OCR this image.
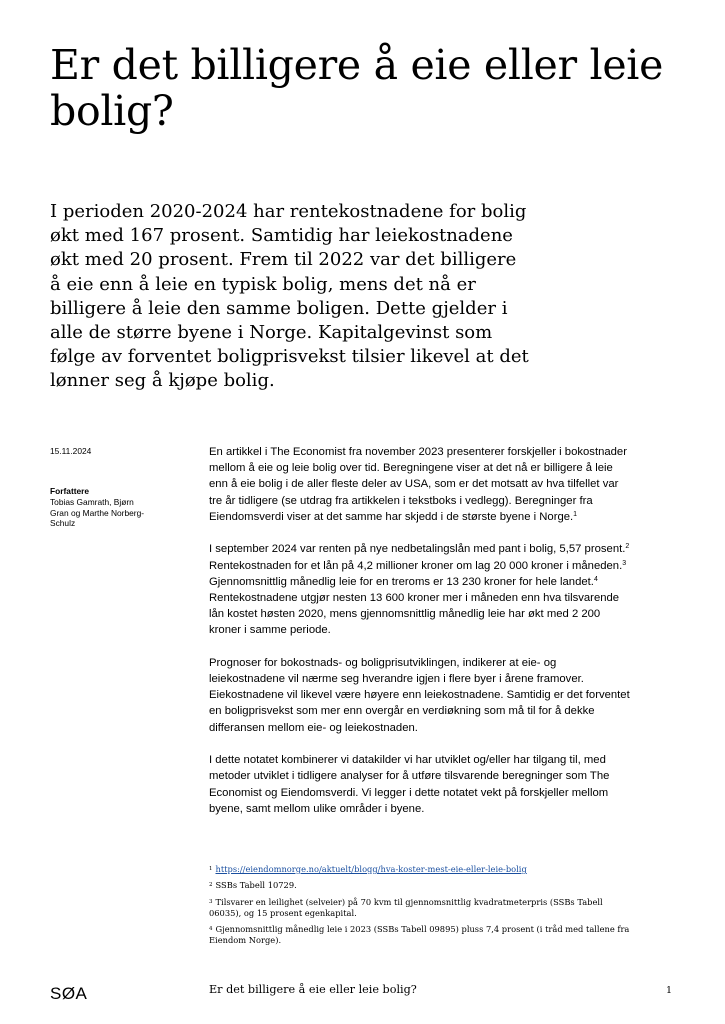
Er det billigere å eie eller leie bolig?

I perioden 2020-2024 har rentekostnadene for bolig økt med 167 prosent. Samtidig har leiekostnadene økt med 20 prosent. Frem til 2022 var det billigere å eie enn å leie en typisk bolig, mens det nå er billigere å leie den samme boligen. Dette gjelder i alle de større byene i Norge. Kapitalgevinst som følge av forventet boligprisvekst tilsier likevel at det lønner seg å kjøpe bolig.

15.11.2024
Forfattere
Tobias Gamrath, Bjørn Gran og Marthe Norberg-Schulz

En artikkel i The Economist fra november 2023 presenterer forskjeller i bokostnader mellom å eie og leie bolig over tid. Beregningene viser at det nå er billigere å leie enn å eie bolig i de aller fleste deler av USA, som er det motsatt av hva tilfellet var tre år tidligere (se utdrag fra artikkelen i tekstboks i vedlegg). Beregninger fra Eiendomsverdi viser at det samme har skjedd i de største byene i Norge.$^1$

I september 2024 var renten på nye nedbetalingslån med pant i bolig, 5,57 prosent.$^2$ Rentekostnaden for et lån på 4,2 millioner kroner om lag 20 000 kroner i måneden.$^3$ Gjennomsnittlig månedlig leie for en treroms er 13 230 kroner for hele landet.$^4$ Rentekostnadene utgjør nesten 13 600 kroner mer i måneden enn hva tilsvarende lån kostet høsten 2020, mens gjennomsnittlig månedlig leie har økt med 2 200 kroner i samme periode.

Prognoser for bokostnads- og boligprisutviklingen, indikerer at eie- og leiekostnadene vil nærme seg hverandre igjen i flere byer i årene framover. Eiekostnadene vil likevel være høyere enn leiekostnadene. Samtidig er det forventet en boligprisvekst som mer enn overgår en verdiøkning som må til for å dekke differansen mellom eie- og leiekostnaden.

I dette notatet kombinerer vi datakilder vi har utviklet og/eller har tilgang til, med metoder utviklet i tidligere analyser for å utføre tilsvarende beregninger som The Economist og Eiendomsverdi. Vi legger i dette notatet vekt på forskjeller mellom byene, samt mellom ulike områder i byene.

$^1$ https://eiendomnorge.no/aktuelt/blogg/hva-koster-mest-eie-eller-leie-bolig
$^2$ SSBs Tabell 10729.
$^3$ Tilsvarer en leilighet (selveier) på 70 kvm til gjennomsnittlig kvadratmeterpris (SSBs Tabell 06035), og 15 prosent egenkapital.
$^4$ Gjennomsnittlig månedlig leie i 2023 (SSBs Tabell 09895) pluss 7,4 prosent (i tråd med tallene fra Eiendom Norge).
SØA	Er det billigere å eie eller leie bolig?	1
